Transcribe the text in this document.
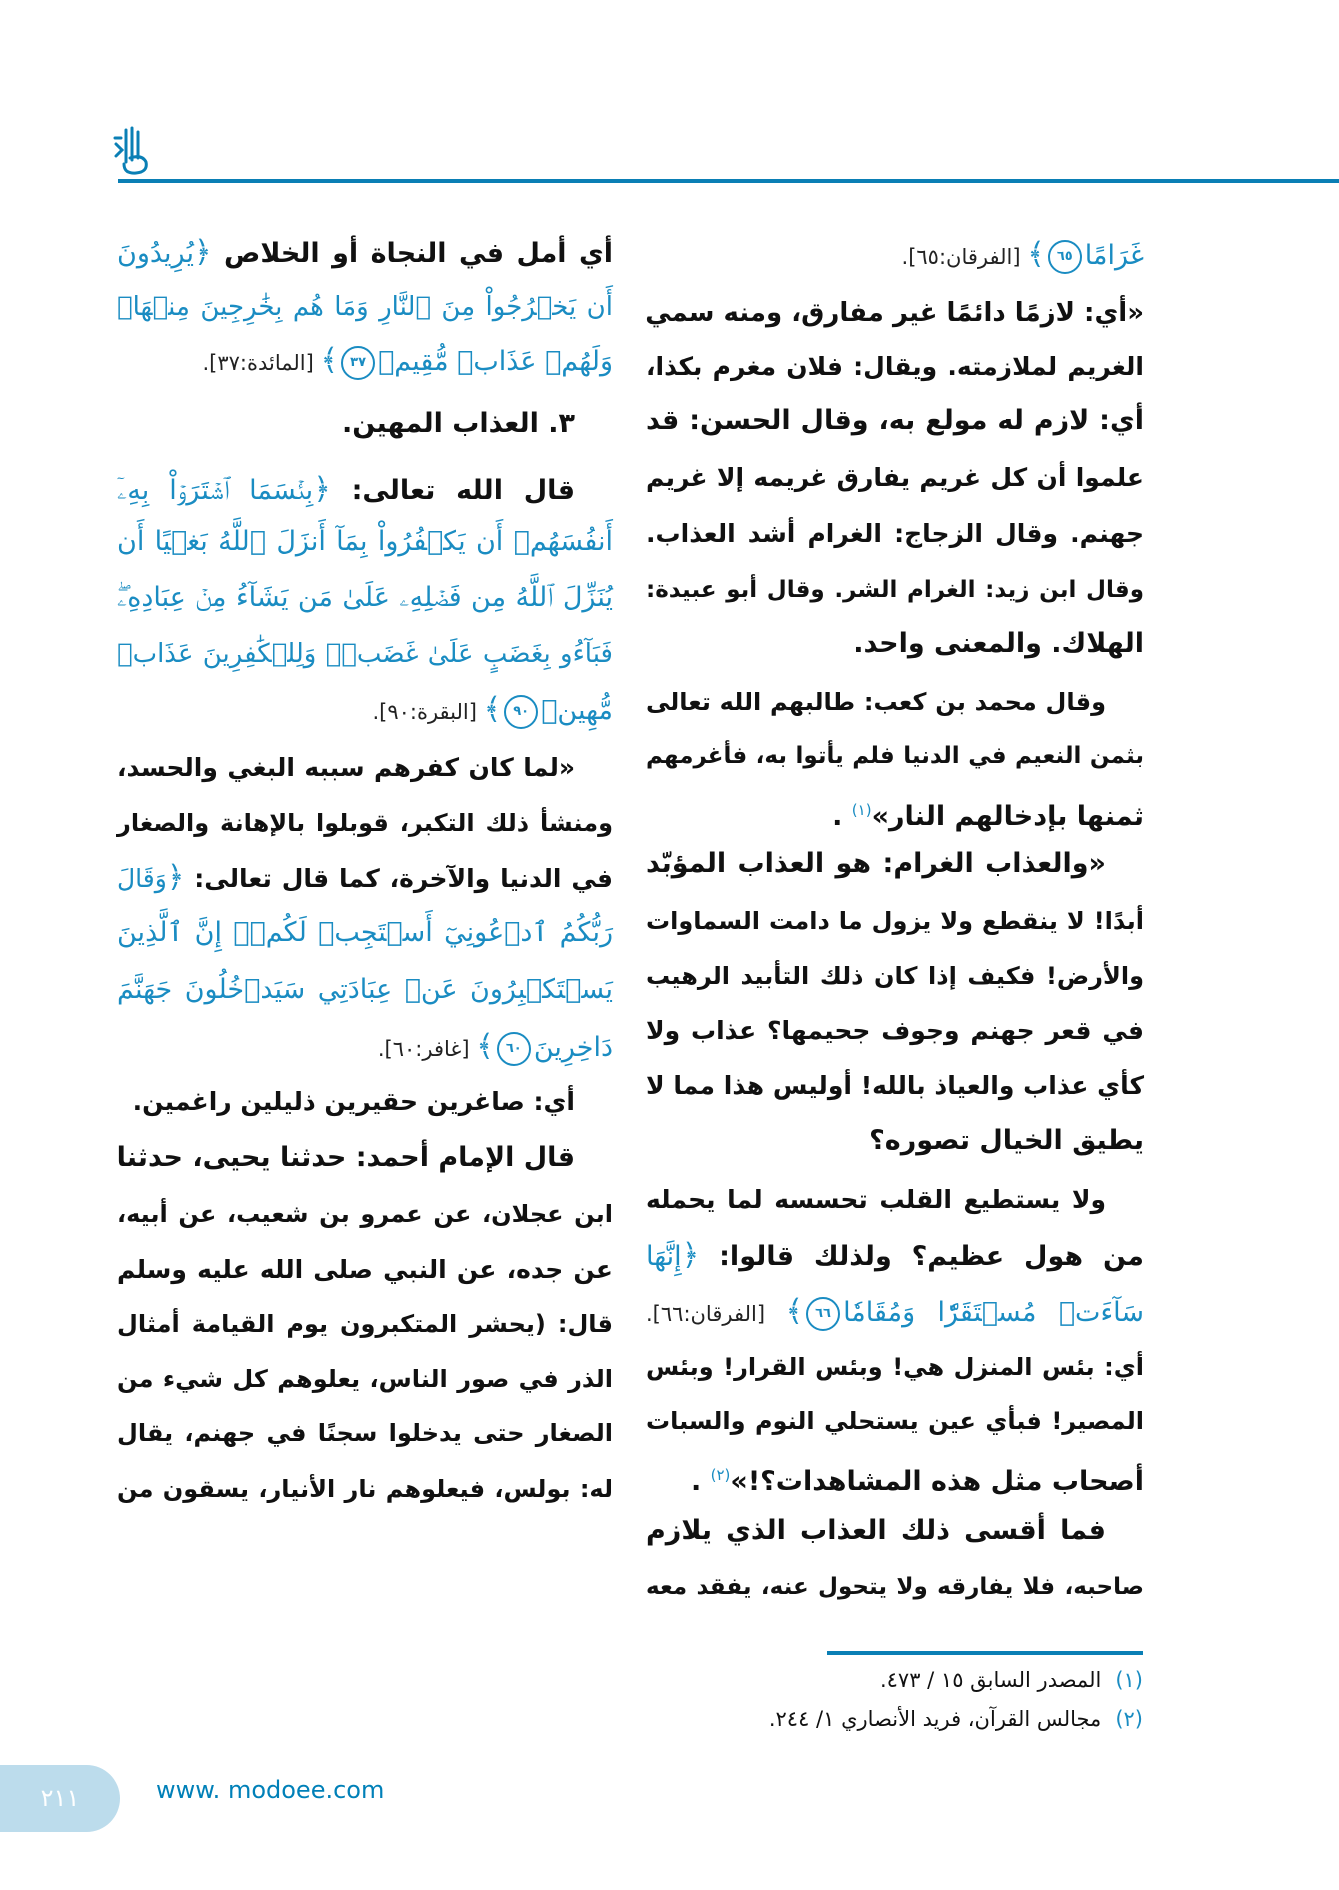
غَرَامًا٦٥﴾ [الفرقان:٦٥].
«أي: لازمًا دائمًا غير مفارق، ومنه سمي
الغريم لملازمته. ويقال: فلان مغرم بكذا،
أي: لازم له مولع به، وقال الحسن: قد
علموا أن كل غريم يفارق غريمه إلا غريم
جهنم. وقال الزجاج: الغرام أشد العذاب.
وقال ابن زيد: الغرام الشر. وقال أبو عبيدة:
الهلاك. والمعنى واحد.
وقال محمد بن كعب: طالبهم الله تعالى
بثمن النعيم في الدنيا فلم يأتوا به، فأغرمهم
ثمنها بإدخالهم النار»$^{(١)}$ .
«والعذاب الغرام: هو العذاب المؤبّد
أبدًا! لا ينقطع ولا يزول ما دامت السماوات
والأرض! فكيف إذا كان ذلك التأبيد الرهيب
في قعر جهنم وجوف جحيمها؟ عذاب ولا
كأي عذاب والعياذ بالله! أوليس هذا مما لا
يطيق الخيال تصوره؟
ولا يستطيع القلب تحسسه لما يحمله
من هول عظيم؟ ولذلك قالوا: ﴿إِنَّهَا
سَآءَتۡ مُسۡتَقَرّٗا وَمُقَامٗا٦٦﴾ [الفرقان:٦٦].
أي: بئس المنزل هي! وبئس القرار! وبئس
المصير! فبأي عين يستحلي النوم والسبات
أصحاب مثل هذه المشاهدات؟!»$^{(٢)}$ .
فما أقسى ذلك العذاب الذي يلازم
صاحبه، فلا يفارقه ولا يتحول عنه، يفقد معه
أي أمل في النجاة أو الخلاص ﴿يُرِيدُونَ
أَن يَخۡرُجُواْ مِنَ ٱلنَّارِ وَمَا هُم بِخَٰرِجِينَ مِنۡهَاۖ
وَلَهُمۡ عَذَابٞ مُّقِيمٞ٣٧﴾ [المائدة:٣٧].
٣. العذاب المهين.
قال الله تعالى: ﴿بِئۡسَمَا ٱشۡتَرَوۡاْ بِهِۦٓ
أَنفُسَهُمۡ أَن يَكۡفُرُواْ بِمَآ أَنزَلَ ٱللَّهُ بَغۡيًا أَن
يُنَزِّلَ ٱللَّهُ مِن فَضۡلِهِۦ عَلَىٰ مَن يَشَآءُ مِنۡ عِبَادِهِۦۖ
فَبَآءُو بِغَضَبٍ عَلَىٰ غَضَبٖۚ وَلِلۡكَٰفِرِينَ عَذَابٞ
مُّهِينٞ٩٠﴾ [البقرة:٩٠].
«لما كان كفرهم سببه البغي والحسد،
ومنشأ ذلك التكبر، قوبلوا بالإهانة والصغار
في الدنيا والآخرة، كما قال تعالى: ﴿وَقَالَ
رَبُّكُمُ ٱدۡعُونِيٓ أَسۡتَجِبۡ لَكُمۡۚ إِنَّ ٱلَّذِينَ
يَسۡتَكۡبِرُونَ عَنۡ عِبَادَتِي سَيَدۡخُلُونَ جَهَنَّمَ
دَاخِرِينَ٦٠﴾ [غافر:٦٠].
أي: صاغرين حقيرين ذليلين راغمين.
قال الإمام أحمد: حدثنا يحيى، حدثنا
ابن عجلان، عن عمرو بن شعيب، عن أبيه،
عن جده، عن النبي صلى الله عليه وسلم
قال: (يحشر المتكبرون يوم القيامة أمثال
الذر في صور الناس، يعلوهم كل شيء من
الصغار حتى يدخلوا سجنًا في جهنم، يقال
له: بولس، فيعلوهم نار الأنيار، يسقون من
(١)المصدر السابق ١٥ / ٤٧٣.
(٢)مجالس القرآن، فريد الأنصاري ١/ ٢٤٤.
٢١١	www. modoee.com
